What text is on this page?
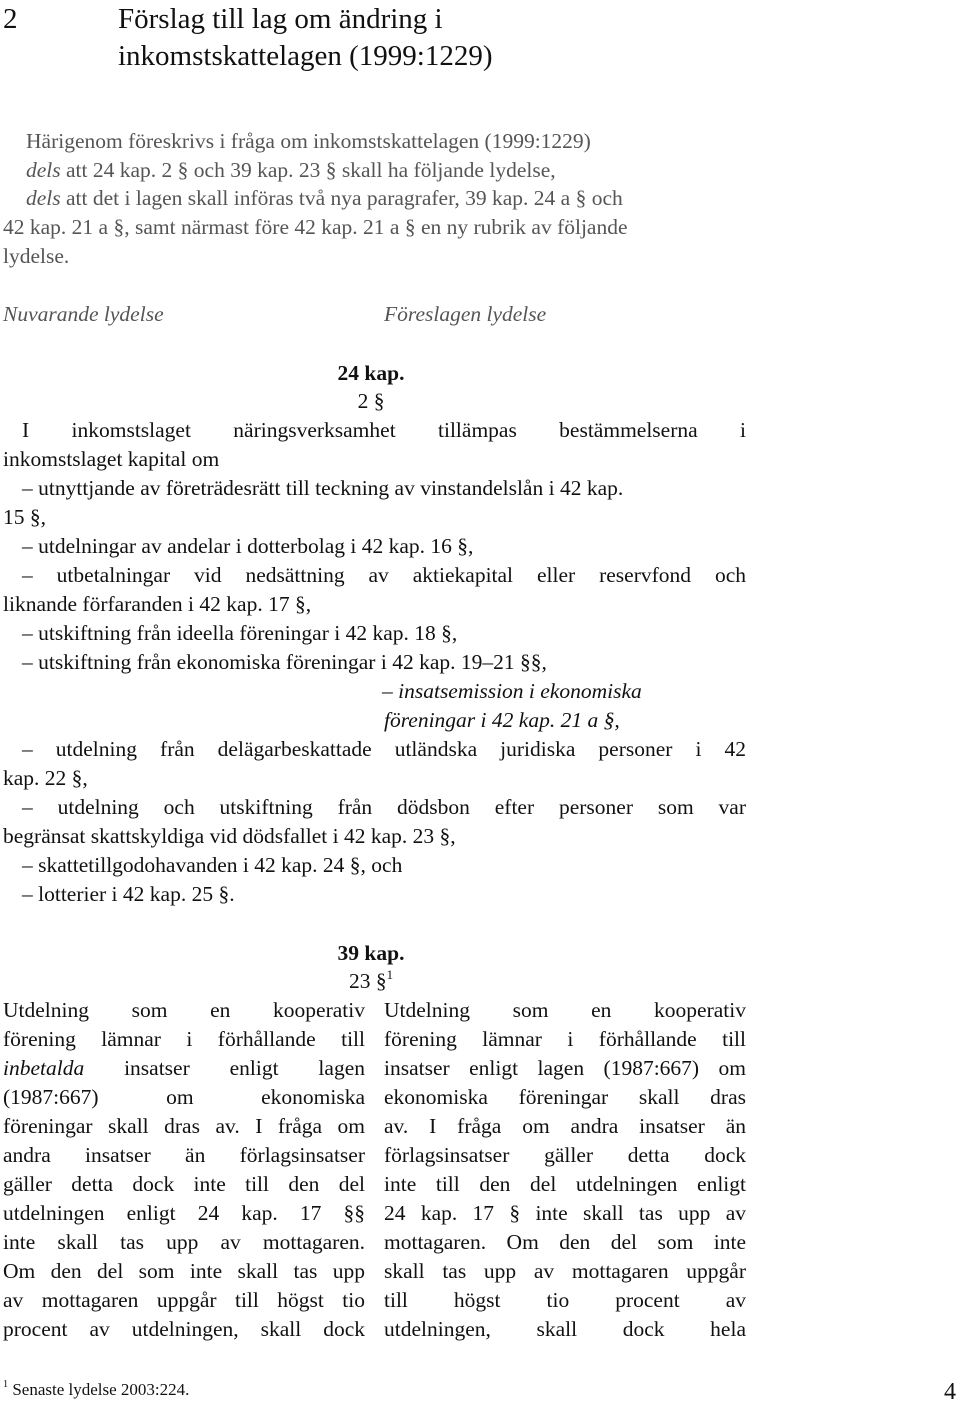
2	Förslag till lag om ändring i
inkomstskattelagen (1999:1229)
Härigenom föreskrivs i fråga om inkomstskattelagen (1999:1229)
dels att 24 kap. 2 § och 39 kap. 23 § skall ha följande lydelse,
dels att det i lagen skall införas två nya paragrafer, 39 kap. 24 a § och
42 kap. 21 a §, samt närmast före 42 kap. 21 a § en ny rubrik av följande
lydelse.
Nuvarande lydelse	Föreslagen lydelse
24 kap.
2 §
I inkomstslaget näringsverksamhet tillämpas bestämmelserna i
inkomstslaget kapital om
– utnyttjande av företrädesrätt till teckning av vinstandelslån i 42 kap.
15 §,
– utdelningar av andelar i dotterbolag i 42 kap. 16 §,
– utbetalningar vid nedsättning av aktiekapital eller reservfond och
liknande förfaranden i 42 kap. 17 §,
– utskiftning från ideella föreningar i 42 kap. 18 §,
– utskiftning från ekonomiska föreningar i 42 kap. 19–21 §§,
– insatsemission i ekonomiska
föreningar i 42 kap. 21 a §,
– utdelning från delägarbeskattade utländska juridiska personer i 42
kap. 22 §,
– utdelning och utskiftning från dödsbon efter personer som var
begränsat skattskyldiga vid dödsfallet i 42 kap. 23 §,
– skattetillgodohavanden i 42 kap. 24 §, och
– lotterier i 42 kap. 25 §.
39 kap.
23 §$^1$
Utdelning som en kooperativ
förening lämnar i förhållande till
inbetalda insatser enligt lagen
(1987:667) om ekonomiska
föreningar skall dras av. I fråga om
andra insatser än förlagsinsatser
gäller detta dock inte till den del
utdelningen enligt 24 kap. 17 §§
inte skall tas upp av mottagaren.
Om den del som inte skall tas upp
av mottagaren uppgår till högst tio
procent av utdelningen, skall dock
Utdelning som en kooperativ
förening lämnar i förhållande till
insatser enligt lagen (1987:667) om
ekonomiska föreningar skall dras
av. I fråga om andra insatser än
förlagsinsatser gäller detta dock
inte till den del utdelningen enligt
24 kap. 17 § inte skall tas upp av
mottagaren. Om den del som inte
skall tas upp av mottagaren uppgår
till högst tio procent av
utdelningen, skall dock hela
$^1$ Senaste lydelse 2003:224.	4
